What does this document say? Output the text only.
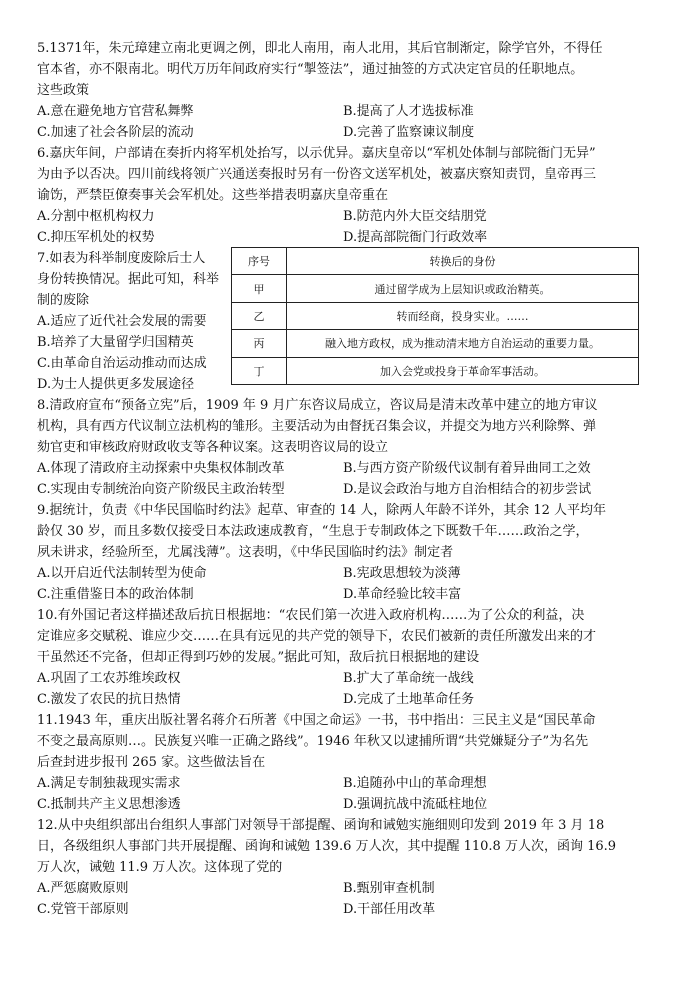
5.1371年，朱元璋建立南北更调之例，即北人南用，南人北用，其后官制渐定，除学官外，不得任
官本省，亦不限南北。明代万历年间政府实行“掣签法”，通过抽签的方式决定官员的任职地点。
这些政策
A.意在避免地方官营私舞弊	B.提高了人才选拔标准
C.加速了社会各阶层的流动	D.完善了监察谏议制度
6.嘉庆年间，户部请在奏折内将军机处抬写，以示优异。嘉庆皇帝以“军机处体制与部院衙门无异”
为由予以否决。四川前线将领广兴通送奏报时另有一份咨文送军机处，被嘉庆察知责罚，皇帝再三
谕饬，严禁臣僚奏事关会军机处。这些举措表明嘉庆皇帝重在
A.分割中枢机构权力	B.防范内外大臣交结朋党
C.抑压军机处的权势	D.提高部院衙门行政效率
7.如表为科举制度废除后士人
身份转换情况。据此可知，科举
制的废除
A.适应了近代社会发展的需要
B.培养了大量留学归国精英
C.由革命自治运动推动而达成
D.为士人提供更多发展途径
序号	转换后的身份
甲	通过留学成为上层知识或政治精英。
乙	转而经商，投身实业。……
丙	融入地方政权，成为推动清末地方自治运动的重要力量。
丁	加入会党或投身于革命军事活动。
8.清政府宣布“预备立宪”后，1909 年 9 月广东咨议局成立，咨议局是清末改革中建立的地方审议
机构，具有西方代议制立法机构的雏形。主要活动为由督抚召集会议，并提交为地方兴利除弊、弹
劾官吏和审核政府财政收支等各种议案。这表明咨议局的设立
A.体现了清政府主动探索中央集权体制改革	B.与西方资产阶级代议制有着异曲同工之效
C.实现由专制统治向资产阶级民主政治转型	D.是议会政治与地方自治相结合的初步尝试
9.据统计，负责《中华民国临时约法》起草、审查的 14 人，除两人年龄不详外，其余 12 人平均年
龄仅 30 岁，而且多数仅接受日本法政速成教育，“生息于专制政体之下既数千年……政治之学，
夙未讲求，经验所至，尤属浅薄”。这表明，《中华民国临时约法》制定者
A.以开启近代法制转型为使命	B.宪政思想较为淡薄
C.注重借鉴日本的政治体制	D.革命经验比较丰富
10.有外国记者这样描述敌后抗日根据地：“农民们第一次进入政府机构……为了公众的利益，决
定谁应多交赋税、谁应少交……在具有远见的共产党的领导下，农民们被新的责任所激发出来的才
干虽然还不完备，但却正得到巧妙的发展。”据此可知，敌后抗日根据地的建设
A.巩固了工农苏维埃政权	B.扩大了革命统一战线
C.激发了农民的抗日热情	D.完成了土地革命任务
11.1943 年，重庆出版社署名蒋介石所著《中国之命运》一书，书中指出：三民主义是“国民革命
不变之最高原则…。民族复兴唯一正确之路线”。1946 年秋又以逮捕所谓“共党嫌疑分子”为名先
后查封进步报刊 265 家。这些做法旨在
A.满足专制独裁现实需求	B.追随孙中山的革命理想
C.抵制共产主义思想渗透	D.强调抗战中流砥柱地位
12.从中央组织部出台组织人事部门对领导干部提醒、函询和诫勉实施细则印发到 2019 年 3 月 18
日，各级组织人事部门共开展提醒、函询和诫勉 139.6 万人次，其中提醒 110.8 万人次，函询 16.9
万人次，诫勉 11.9 万人次。这体现了党的
A.严惩腐败原则	B.甄别审查机制
C.党管干部原则	D.干部任用改革
